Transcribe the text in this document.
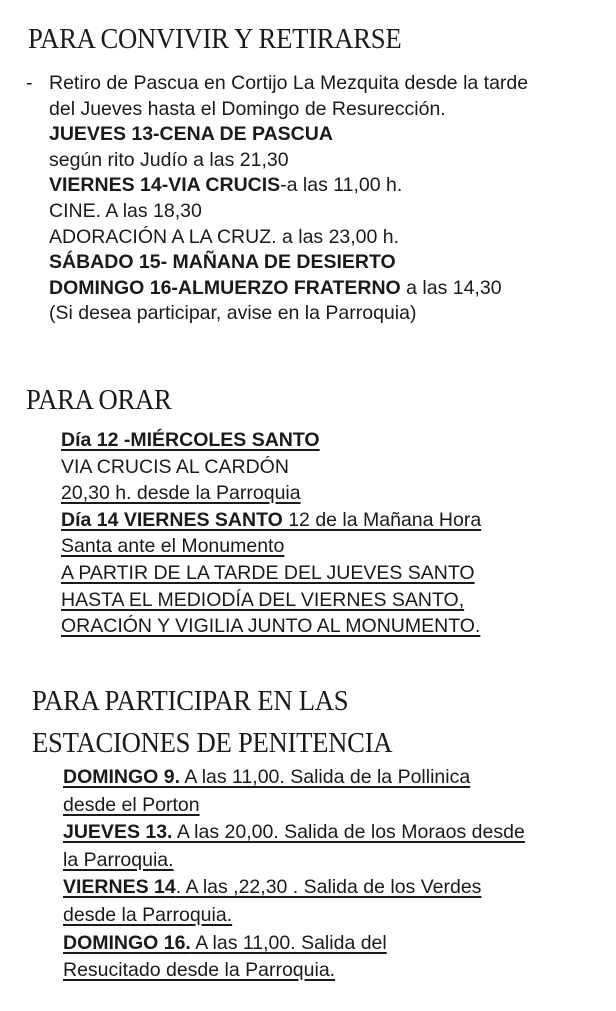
PARA CONVIVIR Y RETIRARSE
- Retiro de Pascua en Cortijo La Mezquita desde la tarde
del Jueves hasta el Domingo de Resurección.
JUEVES 13-CENA DE PASCUA
según rito Judío a las 21,30
VIERNES 14-VIA CRUCIS-a las 11,00 h.
CINE. A las 18,30
ADORACIÓN A LA CRUZ. a las 23,00 h.
SÁBADO 15- MAÑANA DE DESIERTO
DOMINGO 16-ALMUERZO FRATERNO a las 14,30
(Si desea participar, avise en la Parroquia)
PARA ORAR
Día 12 -MIÉRCOLES SANTO
VIA CRUCIS AL CARDÓN
20,30 h. desde la Parroquia
Día 14 VIERNES SANTO 12 de la Mañana Hora
Santa ante el Monumento
A PARTIR DE LA TARDE DEL JUEVES SANTO
HASTA EL MEDIODÍA DEL VIERNES SANTO,
ORACIÓN Y VIGILIA JUNTO AL MONUMENTO.
PARA PARTICIPAR EN LAS
ESTACIONES DE PENITENCIA
DOMINGO 9. A las 11,00. Salida de la Pollinica
desde el Porton
JUEVES 13. A las 20,00. Salida de los Moraos desde
la Parroquia.
VIERNES 14. A las ,22,30 . Salida de los Verdes
desde la Parroquia.
DOMINGO 16. A las 11,00. Salida del
Resucitado desde la Parroquia.
